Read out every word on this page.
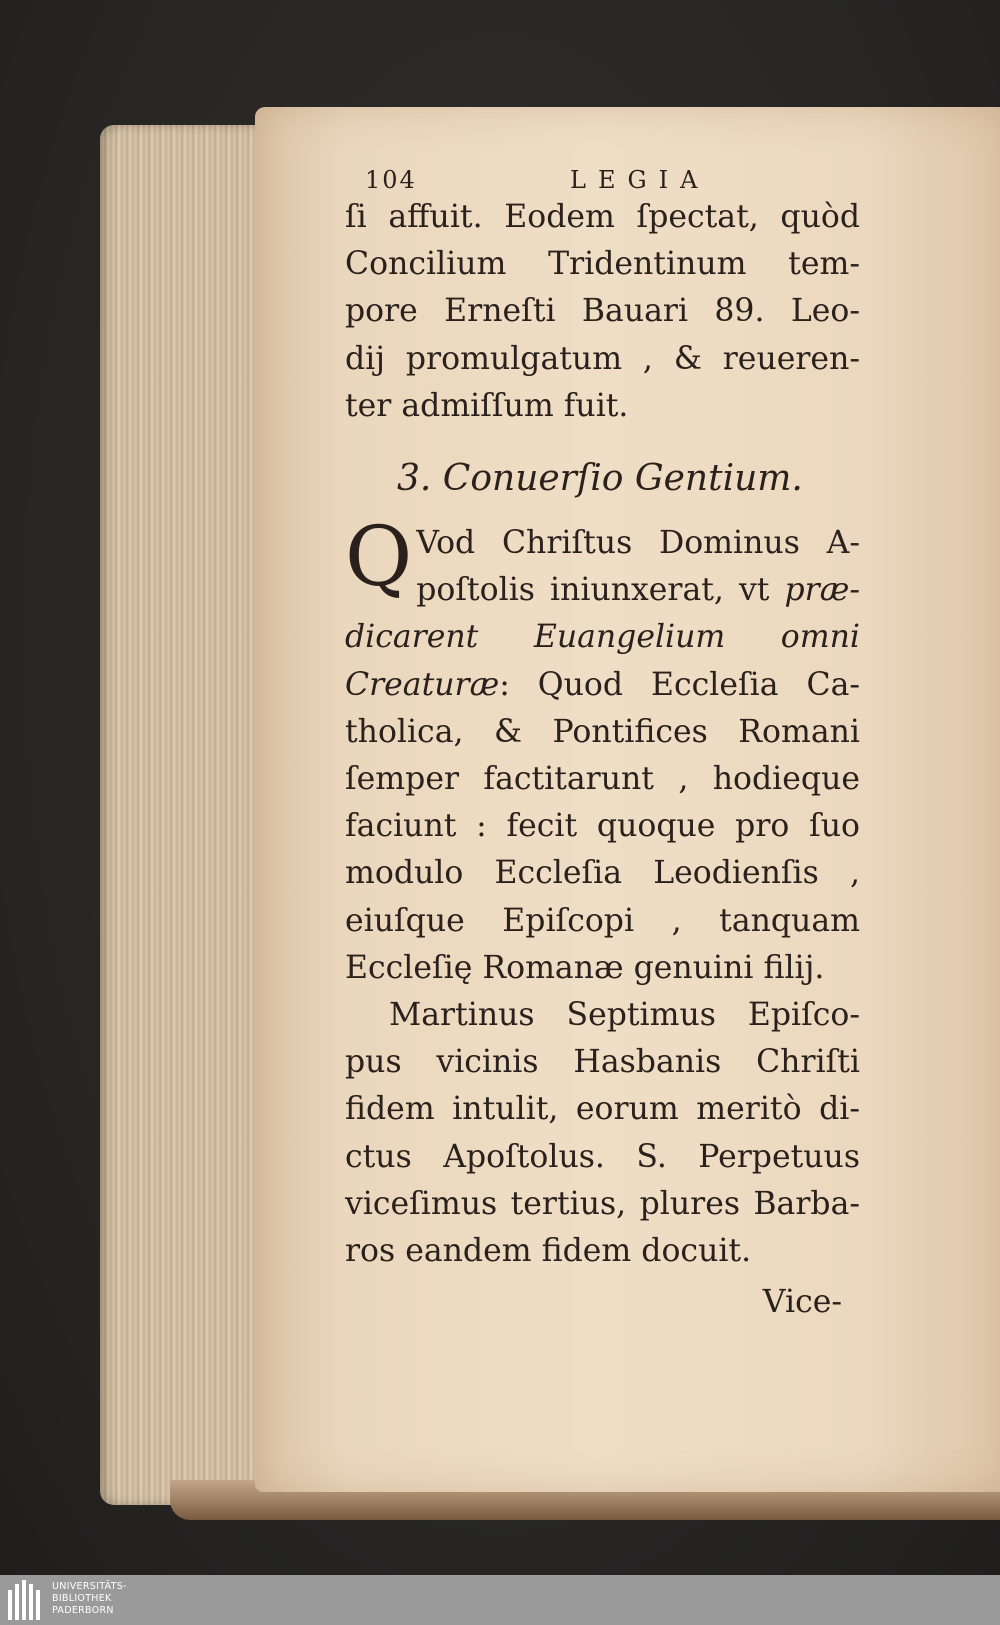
104	LEGIA
ſi affuit. Eodem ſpectat, quòd
Concilium Tridentinum tem-
pore Erneſti Bauari 89. Leo-
dij promulgatum , & reueren-
ter admiſſum fuit.
3. Conuerſio Gentium.
Q Vod Chriſtus Dominus A-
poſtolis iniunxerat, vt præ-
dicarent Euangelium omni
Creaturæ: Quod Eccleſia Ca-
tholica, & Pontifices Romani
ſemper factitarunt , hodieque
faciunt : fecit quoque pro ſuo
modulo Eccleſia Leodienſis ,
eiuſque Epiſcopi , tanquam
Eccleſię Romanæ genuini filij.
Martinus Septimus Epiſco-
pus vicinis Hasbanis Chriſti
fidem intulit, eorum meritò di-
ctus Apoſtolus. S. Perpetuus
viceſimus tertius, plures Barba-
ros eandem fidem docuit.
Vice-
UNIVERSITÄTS-
BIBLIOTHEK
PADERBORN
